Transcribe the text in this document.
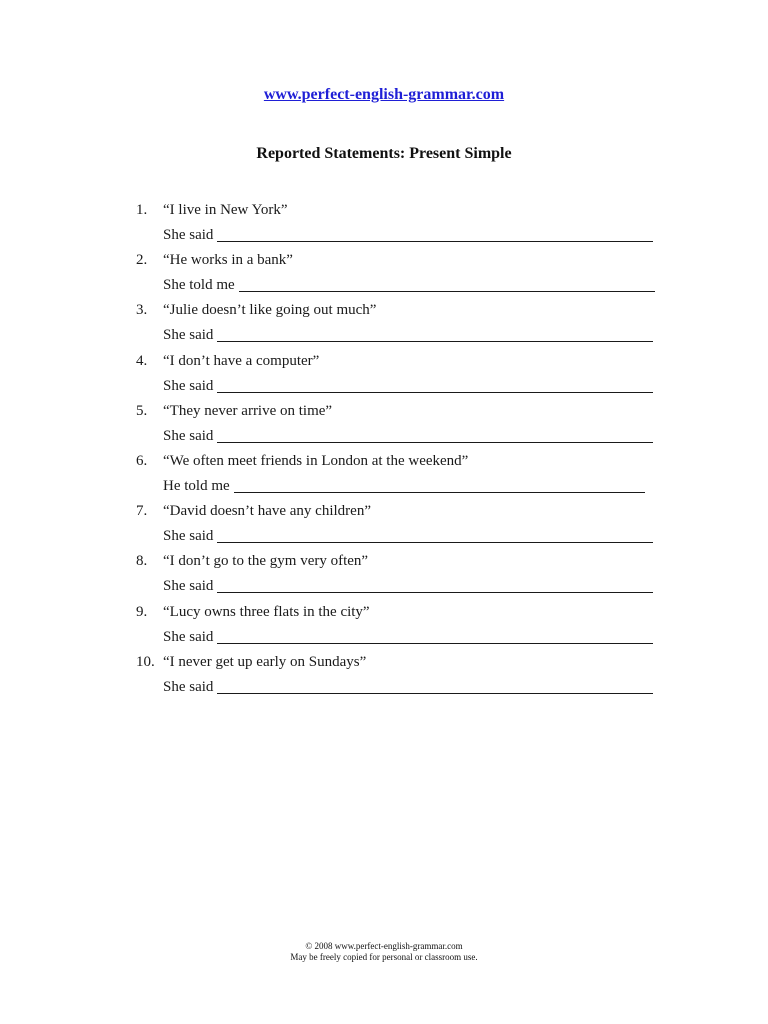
www.perfect-english-grammar.com
Reported Statements: Present Simple
1.	“I live in New York”
She said
2.	“He works in a bank”
She told me
3.	“Julie doesn’t like going out much”
She said
4.	“I don’t have a computer”
She said
5.	“They never arrive on time”
She said
6.	“We often meet friends in London at the weekend”
He told me
7.	“David doesn’t have any children”
She said
8.	“I don’t go to the gym very often”
She said
9.	“Lucy owns three flats in the city”
She said
10. “I never get up early on Sundays”
She said
© 2008 www.perfect-english-grammar.com
May be freely copied for personal or classroom use.
